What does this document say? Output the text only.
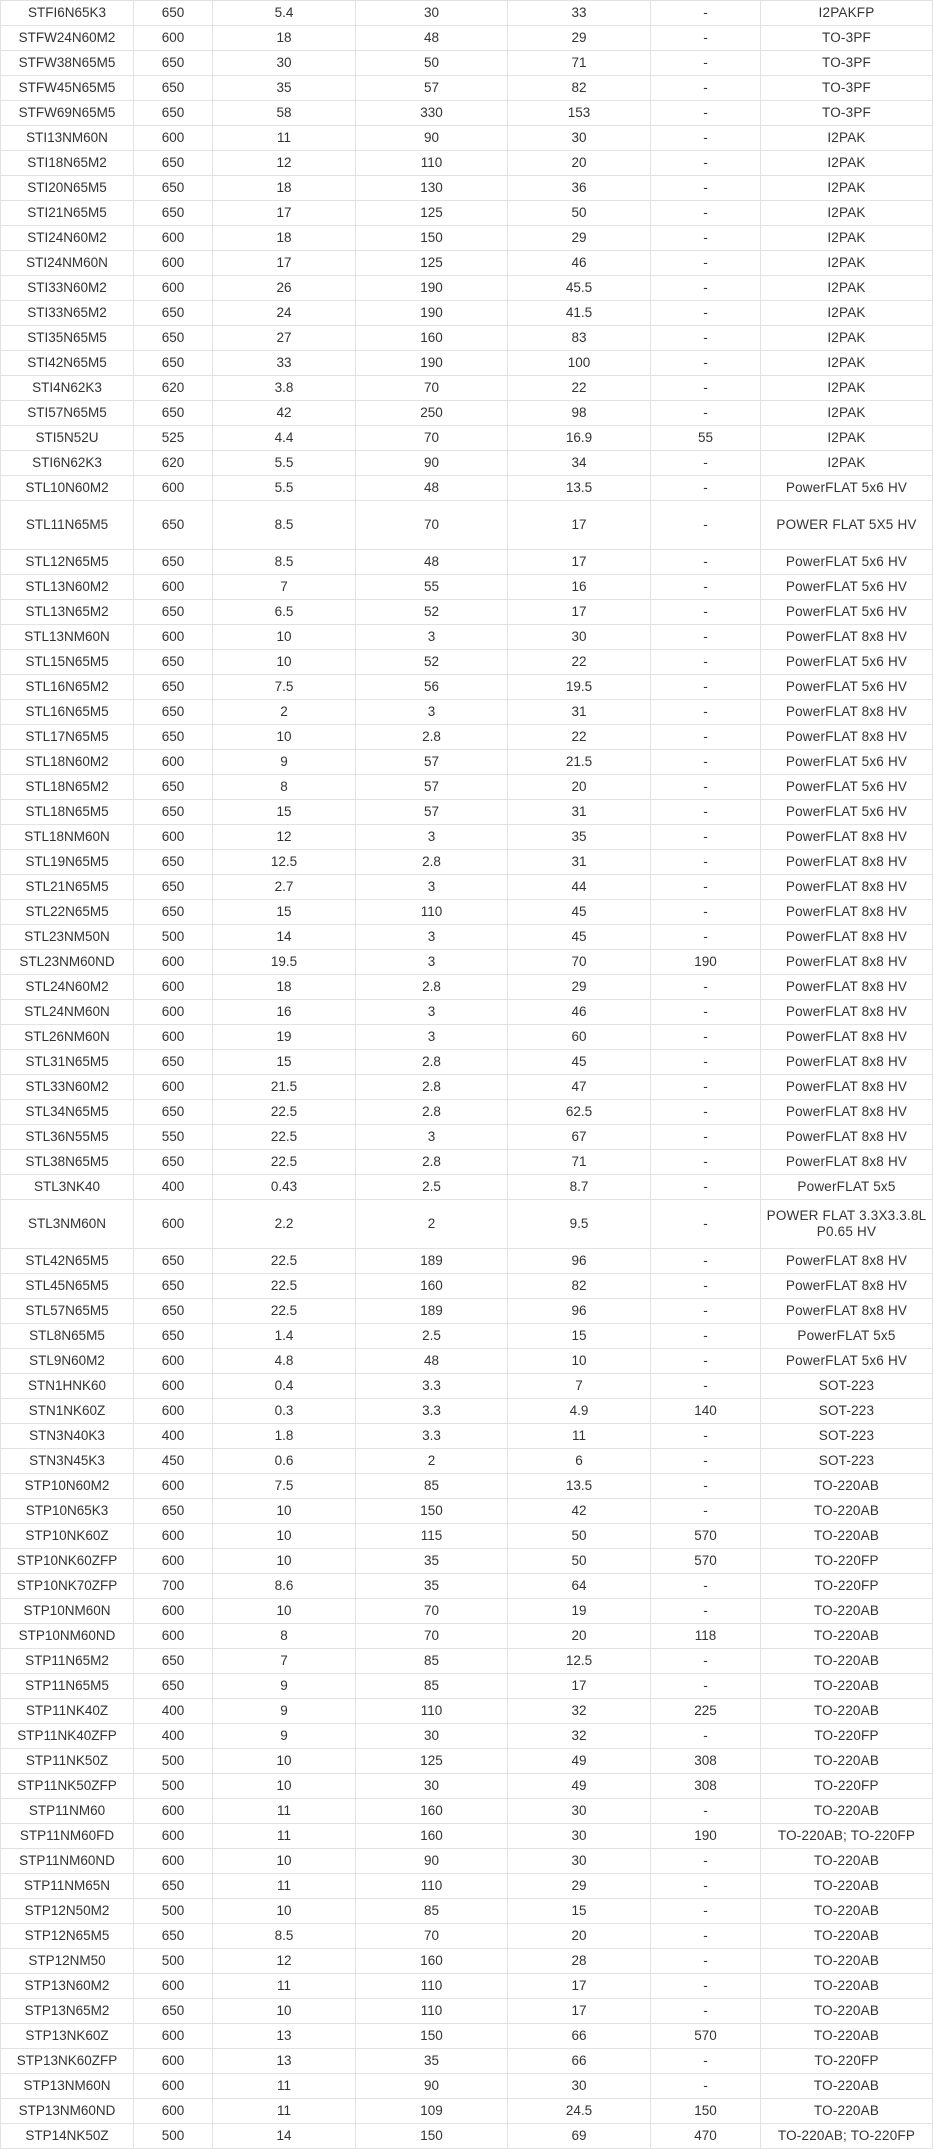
STFI6N65K3	650	5.4	30	33	-	I2PAKFP
STFW24N60M2	600	18	48	29	-	TO-3PF
STFW38N65M5	650	30	50	71	-	TO-3PF
STFW45N65M5	650	35	57	82	-	TO-3PF
STFW69N65M5	650	58	330	153	-	TO-3PF
STI13NM60N	600	11	90	30	-	I2PAK
STI18N65M2	650	12	110	20	-	I2PAK
STI20N65M5	650	18	130	36	-	I2PAK
STI21N65M5	650	17	125	50	-	I2PAK
STI24N60M2	600	18	150	29	-	I2PAK
STI24NM60N	600	17	125	46	-	I2PAK
STI33N60M2	600	26	190	45.5	-	I2PAK
STI33N65M2	650	24	190	41.5	-	I2PAK
STI35N65M5	650	27	160	83	-	I2PAK
STI42N65M5	650	33	190	100	-	I2PAK
STI4N62K3	620	3.8	70	22	-	I2PAK
STI57N65M5	650	42	250	98	-	I2PAK
STI5N52U	525	4.4	70	16.9	55	I2PAK
STI6N62K3	620	5.5	90	34	-	I2PAK
STL10N60M2	600	5.5	48	13.5	-	PowerFLAT 5x6 HV
STL11N65M5	650	8.5	70	17	-	POWER FLAT 5X5 HV
STL12N65M5	650	8.5	48	17	-	PowerFLAT 5x6 HV
STL13N60M2	600	7	55	16	-	PowerFLAT 5x6 HV
STL13N65M2	650	6.5	52	17	-	PowerFLAT 5x6 HV
STL13NM60N	600	10	3	30	-	PowerFLAT 8x8 HV
STL15N65M5	650	10	52	22	-	PowerFLAT 5x6 HV
STL16N65M2	650	7.5	56	19.5	-	PowerFLAT 5x6 HV
STL16N65M5	650	2	3	31	-	PowerFLAT 8x8 HV
STL17N65M5	650	10	2.8	22	-	PowerFLAT 8x8 HV
STL18N60M2	600	9	57	21.5	-	PowerFLAT 5x6 HV
STL18N65M2	650	8	57	20	-	PowerFLAT 5x6 HV
STL18N65M5	650	15	57	31	-	PowerFLAT 5x6 HV
STL18NM60N	600	12	3	35	-	PowerFLAT 8x8 HV
STL19N65M5	650	12.5	2.8	31	-	PowerFLAT 8x8 HV
STL21N65M5	650	2.7	3	44	-	PowerFLAT 8x8 HV
STL22N65M5	650	15	110	45	-	PowerFLAT 8x8 HV
STL23NM50N	500	14	3	45	-	PowerFLAT 8x8 HV
STL23NM60ND	600	19.5	3	70	190	PowerFLAT 8x8 HV
STL24N60M2	600	18	2.8	29	-	PowerFLAT 8x8 HV
STL24NM60N	600	16	3	46	-	PowerFLAT 8x8 HV
STL26NM60N	600	19	3	60	-	PowerFLAT 8x8 HV
STL31N65M5	650	15	2.8	45	-	PowerFLAT 8x8 HV
STL33N60M2	600	21.5	2.8	47	-	PowerFLAT 8x8 HV
STL34N65M5	650	22.5	2.8	62.5	-	PowerFLAT 8x8 HV
STL36N55M5	550	22.5	3	67	-	PowerFLAT 8x8 HV
STL38N65M5	650	22.5	2.8	71	-	PowerFLAT 8x8 HV
STL3NK40	400	0.43	2.5	8.7	-	PowerFLAT 5x5
STL3NM60N	600	2.2	2	9.5	-	POWER FLAT 3.3X3.3.8L P0.65 HV
STL42N65M5	650	22.5	189	96	-	PowerFLAT 8x8 HV
STL45N65M5	650	22.5	160	82	-	PowerFLAT 8x8 HV
STL57N65M5	650	22.5	189	96	-	PowerFLAT 8x8 HV
STL8N65M5	650	1.4	2.5	15	-	PowerFLAT 5x5
STL9N60M2	600	4.8	48	10	-	PowerFLAT 5x6 HV
STN1HNK60	600	0.4	3.3	7	-	SOT-223
STN1NK60Z	600	0.3	3.3	4.9	140	SOT-223
STN3N40K3	400	1.8	3.3	11	-	SOT-223
STN3N45K3	450	0.6	2	6	-	SOT-223
STP10N60M2	600	7.5	85	13.5	-	TO-220AB
STP10N65K3	650	10	150	42	-	TO-220AB
STP10NK60Z	600	10	115	50	570	TO-220AB
STP10NK60ZFP	600	10	35	50	570	TO-220FP
STP10NK70ZFP	700	8.6	35	64	-	TO-220FP
STP10NM60N	600	10	70	19	-	TO-220AB
STP10NM60ND	600	8	70	20	118	TO-220AB
STP11N65M2	650	7	85	12.5	-	TO-220AB
STP11N65M5	650	9	85	17	-	TO-220AB
STP11NK40Z	400	9	110	32	225	TO-220AB
STP11NK40ZFP	400	9	30	32	-	TO-220FP
STP11NK50Z	500	10	125	49	308	TO-220AB
STP11NK50ZFP	500	10	30	49	308	TO-220FP
STP11NM60	600	11	160	30	-	TO-220AB
STP11NM60FD	600	11	160	30	190	TO-220AB; TO-220FP
STP11NM60ND	600	10	90	30	-	TO-220AB
STP11NM65N	650	11	110	29	-	TO-220AB
STP12N50M2	500	10	85	15	-	TO-220AB
STP12N65M5	650	8.5	70	20	-	TO-220AB
STP12NM50	500	12	160	28	-	TO-220AB
STP13N60M2	600	11	110	17	-	TO-220AB
STP13N65M2	650	10	110	17	-	TO-220AB
STP13NK60Z	600	13	150	66	570	TO-220AB
STP13NK60ZFP	600	13	35	66	-	TO-220FP
STP13NM60N	600	11	90	30	-	TO-220AB
STP13NM60ND	600	11	109	24.5	150	TO-220AB
STP14NK50Z	500	14	150	69	470	TO-220AB; TO-220FP
